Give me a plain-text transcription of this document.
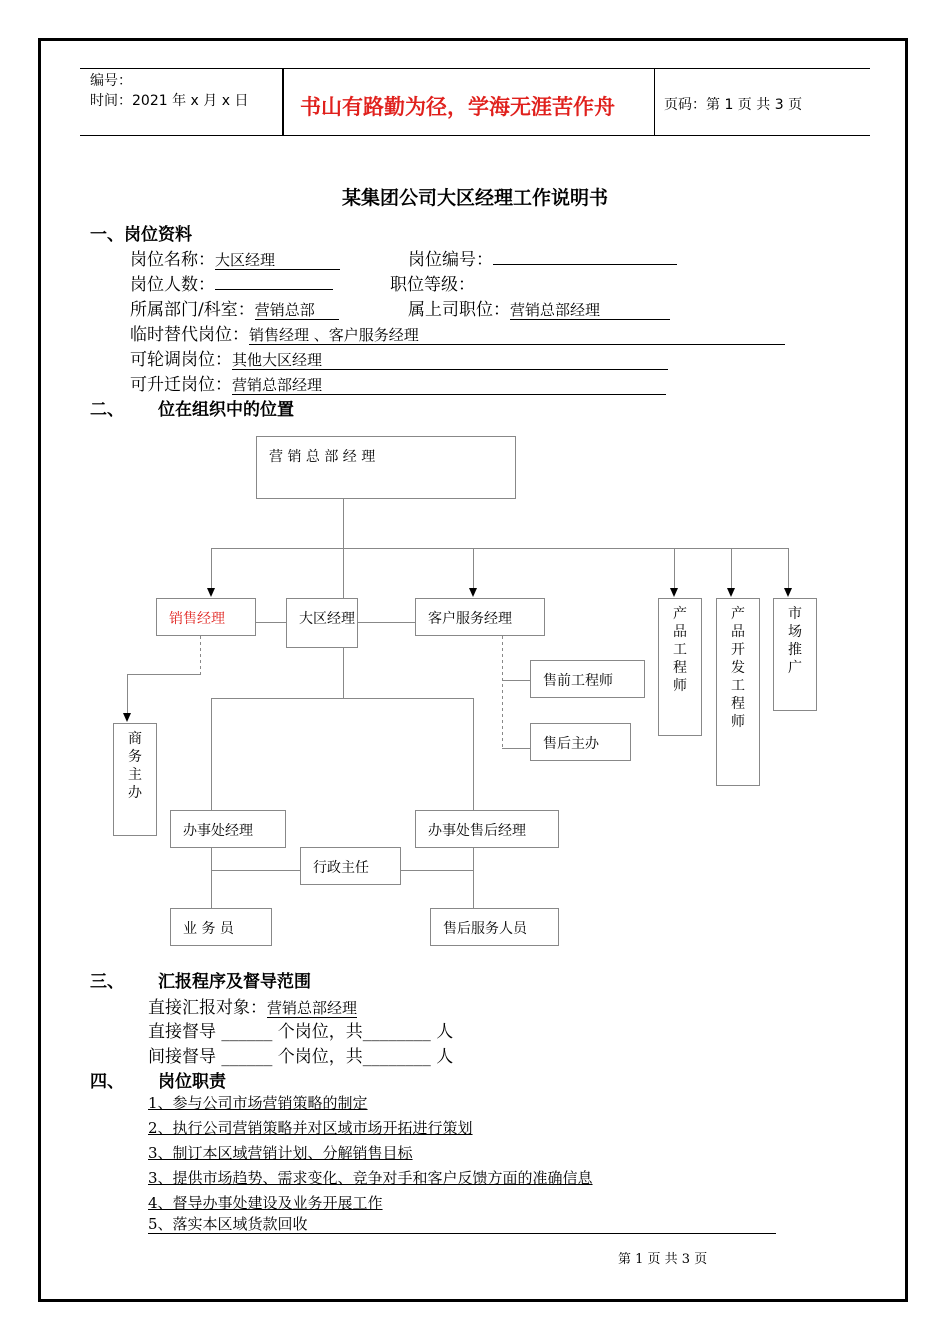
编号：
时间：2021 年 x 月 x 日 书山有路勤为径，学海无涯苦作舟	页码：第 1 页 共 3 页
某集团公司大区经理工作说明书
一、岗位资料
岗位名称：大区经理	岗位编号：
岗位人数：	职位等级：
所属部门/科室：营销总部	属上司职位：营销总部经理
临时替代岗位：销售经理 、客户服务经理
可轮调岗位：其他大区经理
可升迁岗位：营销总部经理
二、 位在组织中的位置
营 销 总 部 经 理
销售经理	大区经理	客户服务经理	产品工程师
产品开发工程师
市场推广
售前工程师
售后主办
商务主办
办事处经理	办事处售后经理
行政主任
业 务 员	售后服务人员
三、 汇报程序及督导范围
直接汇报对象：营销总部经理
直接督导 ______ 个岗位，共________ 人
间接督导 ______ 个岗位，共________ 人
四、 岗位职责
1、参与公司市场营销策略的制定
2、执行公司营销策略并对区域市场开拓进行策划
3、制订本区域营销计划、分解销售目标
3、提供市场趋势、需求变化、竞争对手和客户反馈方面的准确信息
4、督导办事处建设及业务开展工作
5、落实本区域货款回收
第 1 页 共 3 页
